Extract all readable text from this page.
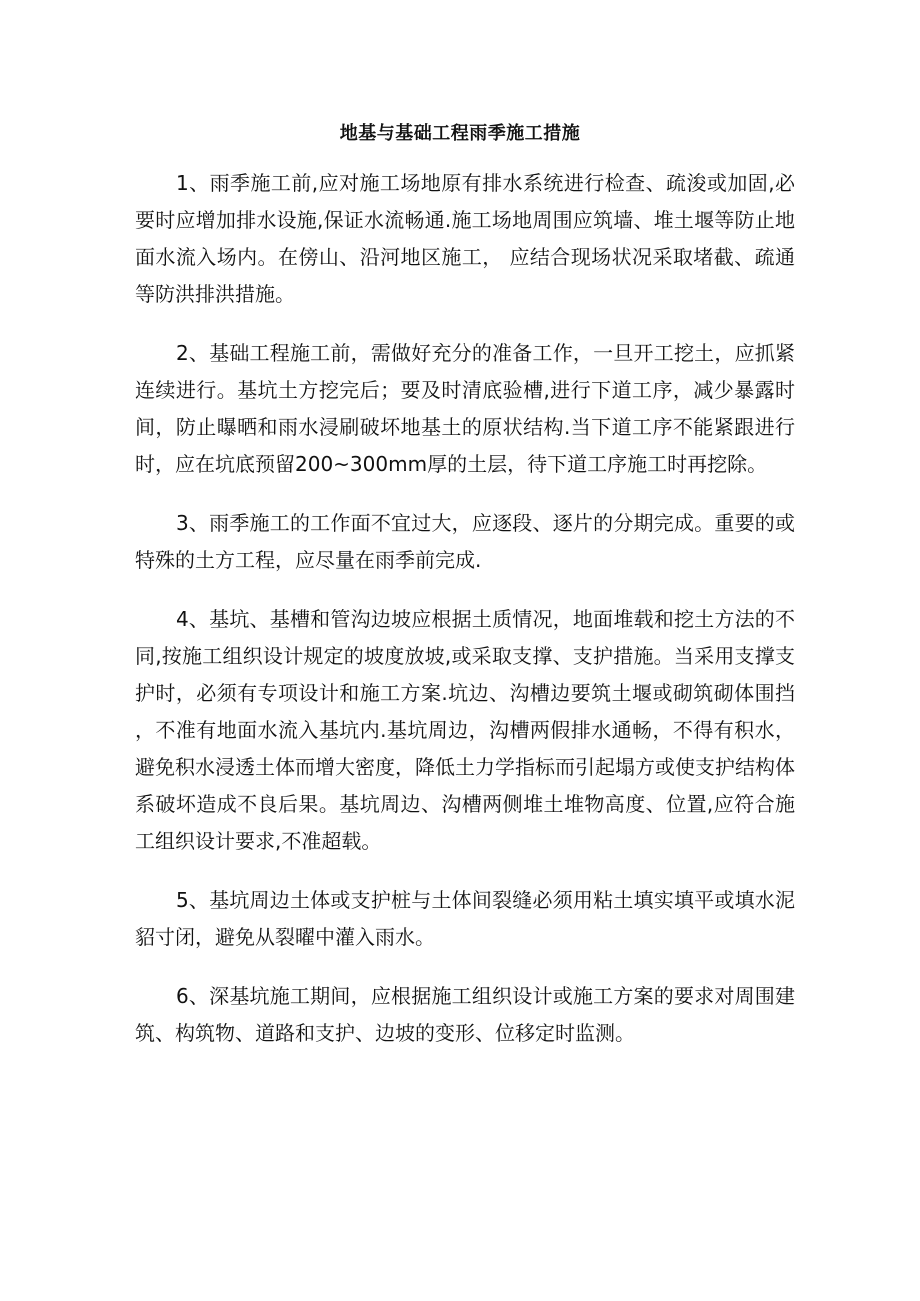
地基与基础工程雨季施工措施

1、雨季施工前,应对施工场地原有排水系统进行检查、疏浚或加固,必要时应增加排水设施,保证水流畅通.施工场地周围应筑墙、堆土堰等防止地面水流入场内。在傍山、沿河地区施工， 应结合现场状况采取堵截、疏通等防洪排洪措施。

2、基础工程施工前，需做好充分的准备工作，一旦开工挖土，应抓紧连续进行。基坑土方挖完后；要及时清底验槽,进行下道工序，减少暴露时间，防止曝晒和雨水浸刷破坏地基土的原状结构.当下道工序不能紧跟进行时，应在坑底预留200~300mm厚的土层，待下道工序施工时再挖除。

3、雨季施工的工作面不宜过大，应逐段、逐片的分期完成。重要的或特殊的土方工程，应尽量在雨季前完成.

4、基坑、基槽和管沟边坡应根据土质情况，地面堆载和挖土方法的不同,按施工组织设计规定的坡度放坡,或采取支撑、支护措施。当采用支撑支护时，必须有专项设计和施工方案.坑边、沟槽边要筑土堰或砌筑砌体围挡，不准有地面水流入基坑内.基坑周边，沟槽两假排水通畅，不得有积水，避免积水浸透土体而增大密度，降低土力学指标而引起塌方或使支护结构体系破坏造成不良后果。基坑周边、沟槽两侧堆土堆物高度、位置,应符合施工组织设计要求,不准超载。

5、基坑周边土体或支护桩与土体间裂缝必须用粘土填实填平或填水泥貂寸闭，避免从裂曜中灌入雨水。

6、深基坑施工期间，应根据施工组织设计或施工方案的要求对周围建筑、构筑物、道路和支护、边坡的变形、位移定时监测。
